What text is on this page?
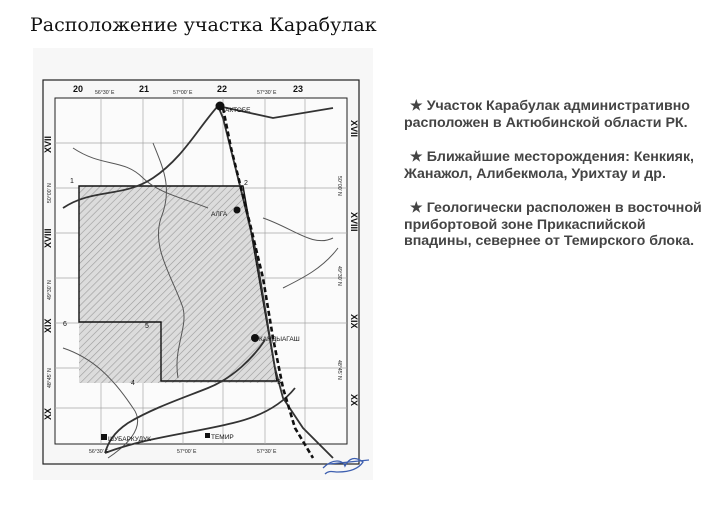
Расположение участка Карабулак
АКТОБЕ
АЛГА
КАНДЫАГАШ
ШУБАРКУДУК	ТЕМИР
1	2
3
4
5
6
20	21	22	23
56°30' E	57°00' E	57°30' E
56°30' E	57°00' E	57°30' E
XVII
XVIII
XIX
XX
XVII
XVIII
XIX
XX
50°00' N
49°30' N
48°45' N
50°00' N
49°30' N
48°45' N
★ Участок Карабулак административно расположен в Актюбинской области РК.
★ Ближайшие месторождения: Кенкияк, Жанажол, Алибекмола, Урихтау и др.
★ Геологически расположен в восточной прибортовой зоне Прикаспийской впадины, севернее от Темирского блока.
